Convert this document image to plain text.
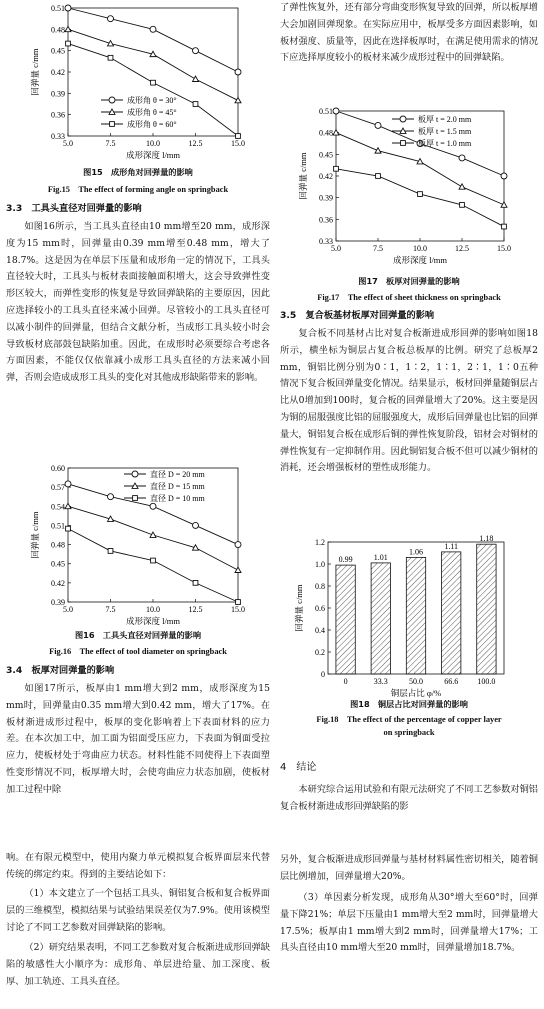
0.33
0.36
0.39
0.42
0.45
0.48
0.51
5.0	7.5	10.0	12.5	15.0
成形深度 l/mm
回弹量 c/mm
成形角 θ = 30°
成形角 θ = 45°
成形角 θ = 60°

图15　成形角对回弹量的影响

Fig.15　The effect of forming angle on springback

3.3　工具头直径对回弹量的影响

如图16所示，当工具头直径由10 mm增至20 mm，成形深度为15 mm时，回弹量由0.39 mm增至0.48 mm，增大了18.7%。这是因为在单层下压量和成形角一定的情况下，工具头直径较大时，工具头与板材表面接触面积增大，这会导致弹性变形区较大，而弹性变形的恢复是导致回弹缺陷的主要原因，因此应选择较小的工具头直径来减小回弹。尽管较小的工具头直径可以减小制件的回弹量，但结合文献分析，当成形工具头较小时会导致板材底部鼓包缺陷加重。因此，在成形时必须要综合考虑各方面因素，不能仅仅依靠减小成形工具头直径的方法来减小回弹，否则会造成成形工具头的变化对其他成形缺陷带来的影响。

0.39
0.42
0.45
0.48
0.51
0.54
0.57
0.60
5.0	7.5	10.0	12.5	15.0
成形深度 l/mm
回弹量 c/mm
直径 D = 20 mm
直径 D = 15 mm
直径 D = 10 mm

图16　工具头直径对回弹量的影响

Fig.16　The effect of tool diameter on springback

3.4　板厚对回弹量的影响

如图17所示，板厚由1 mm增大到2 mm，成形深度为15 mm时，回弹量由0.35 mm增大到0.42 mm，增大了17%。在板材渐进成形过程中，板厚的变化影响着上下表面材料的应力差。在本次加工中，加工面为铝面受压应力，下表面为铜面受拉应力，使板材处于弯曲应力状态。材料性能不同使得上下表面塑性变形情况不同，板厚增大时，会使弯曲应力状态加剧，使板材加工过程中除

响。在有限元模型中，使用内聚力单元模拟复合板界面层来代替传统的绑定约束。得到的主要结论如下：

（1）本文建立了一个包括工具头、铜铝复合板和复合板界面层的三维模型，模拟结果与试验结果误差仅为7.9%。使用该模型讨论了不同工艺参数对回弹缺陷的影响。

（2）研究结果表明，不同工艺参数对复合板渐进成形回弹缺陷的敏感性大小顺序为：成形角、单层进给量、加工深度、板厚、加工轨迹、工具头直径。

了弹性恢复外，还有部分弯曲变形恢复导致的回弹，所以板厚增大会加剧回弹现象。在实际应用中，板厚受多方面因素影响，如板材强度、质量等，因此在选择板厚时，在满足使用需求的情况下应选择厚度较小的板材来减少成形过程中的回弹缺陷。

0.33
0.36
0.39
0.42
0.45
0.48
0.51
5.0	7.5	10.0	12.5	15.0
成形深度 l/mm
回弹量 c/mm
板厚 t = 2.0 mm
板厚 t = 1.5 mm
板厚 t = 1.0 mm

图17　板厚对回弹量的影响

Fig.17　The effect of sheet thickness on springback

3.5　复合板基材板厚对回弹量的影响

复合板不同基材占比对复合板渐进成形回弹的影响如图18所示，横坐标为铜层占复合板总板厚的比例。研究了总板厚2 mm，铜铝比例分别为0∶1，1∶2，1∶1，2∶1，1∶0五种情况下复合板回弹量变化情况。结果显示，板材回弹量随铜层占比从0增加到100时，复合板的回弹量增大了20%。这主要是因为铜的屈服强度比铝的屈服强度大，成形后回弹量也比铝的回弹量大，铜铝复合板在成形后铜的弹性恢复阶段，铝材会对铜材的弹性恢复有一定抑制作用。因此铜铝复合板不但可以减少铜材的消耗，还会增强板材的塑性成形能力。

0
0.2
0.4
0.6
0.8
1.0
1.2
0.99
0
1.01
33.3
1.06
50.0
1.11
66.6
1.18
100.0
铜层占比 φ/%
回弹量 c/mm

图18　铜层占比对回弹量的影响

Fig.18　The effect of the percentage of copper layer

on springback

4　结论

本研究综合运用试验和有限元法研究了不同工艺参数对铜铝复合板材渐进成形回弹缺陷的影

另外，复合板渐进成形回弹量与基材材料属性密切相关，随着铜层比例增加，回弹量增大20%。

（3）单因素分析发现，成形角从30°增大至60°时，回弹量下降21%；单层下压量由1 mm增大至2 mm时，回弹量增大17.5%；板厚由1 mm增大到2 mm时，回弹量增大17%；工具头直径由10 mm增大至20 mm时，回弹量增加18.7%。
